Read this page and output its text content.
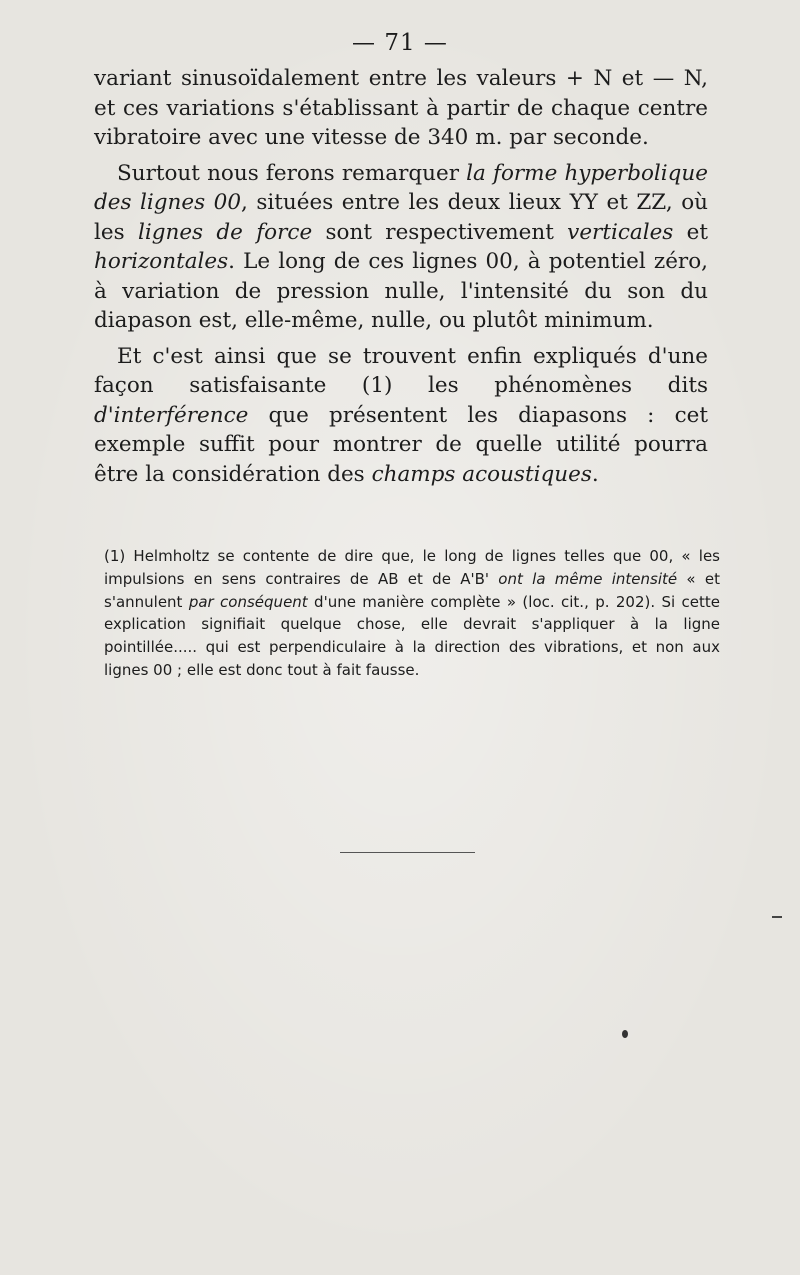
— 71 —

variant sinusoïdalement entre les valeurs + N et — N, et ces variations s'établissant à partir de chaque centre vibratoire avec une vitesse de 340 m. par seconde.

Surtout nous ferons remarquer la forme hyperbolique des lignes 00, situées entre les deux lieux YY et ZZ, où les lignes de force sont respectivement verticales et horizontales. Le long de ces lignes 00, à potentiel zéro, à variation de pression nulle, l'intensité du son du diapason est, elle-même, nulle, ou plutôt minimum.

Et c'est ainsi que se trouvent enfin expliqués d'une façon satisfaisante (1) les phénomènes dits d'interférence que présentent les diapasons : cet exemple suffit pour montrer de quelle utilité pourra être la considération des champs acoustiques.

(1) Helmholtz se contente de dire que, le long de lignes telles que 00, « les impulsions en sens contraires de AB et de A'B' ont la même intensité « et s'annulent par conséquent d'une manière complète » (loc. cit., p. 202). Si cette explication signifiait quelque chose, elle devrait s'appliquer à la ligne pointillée..... qui est perpendiculaire à la direction des vibrations, et non aux lignes 00 ; elle est donc tout à fait fausse.
